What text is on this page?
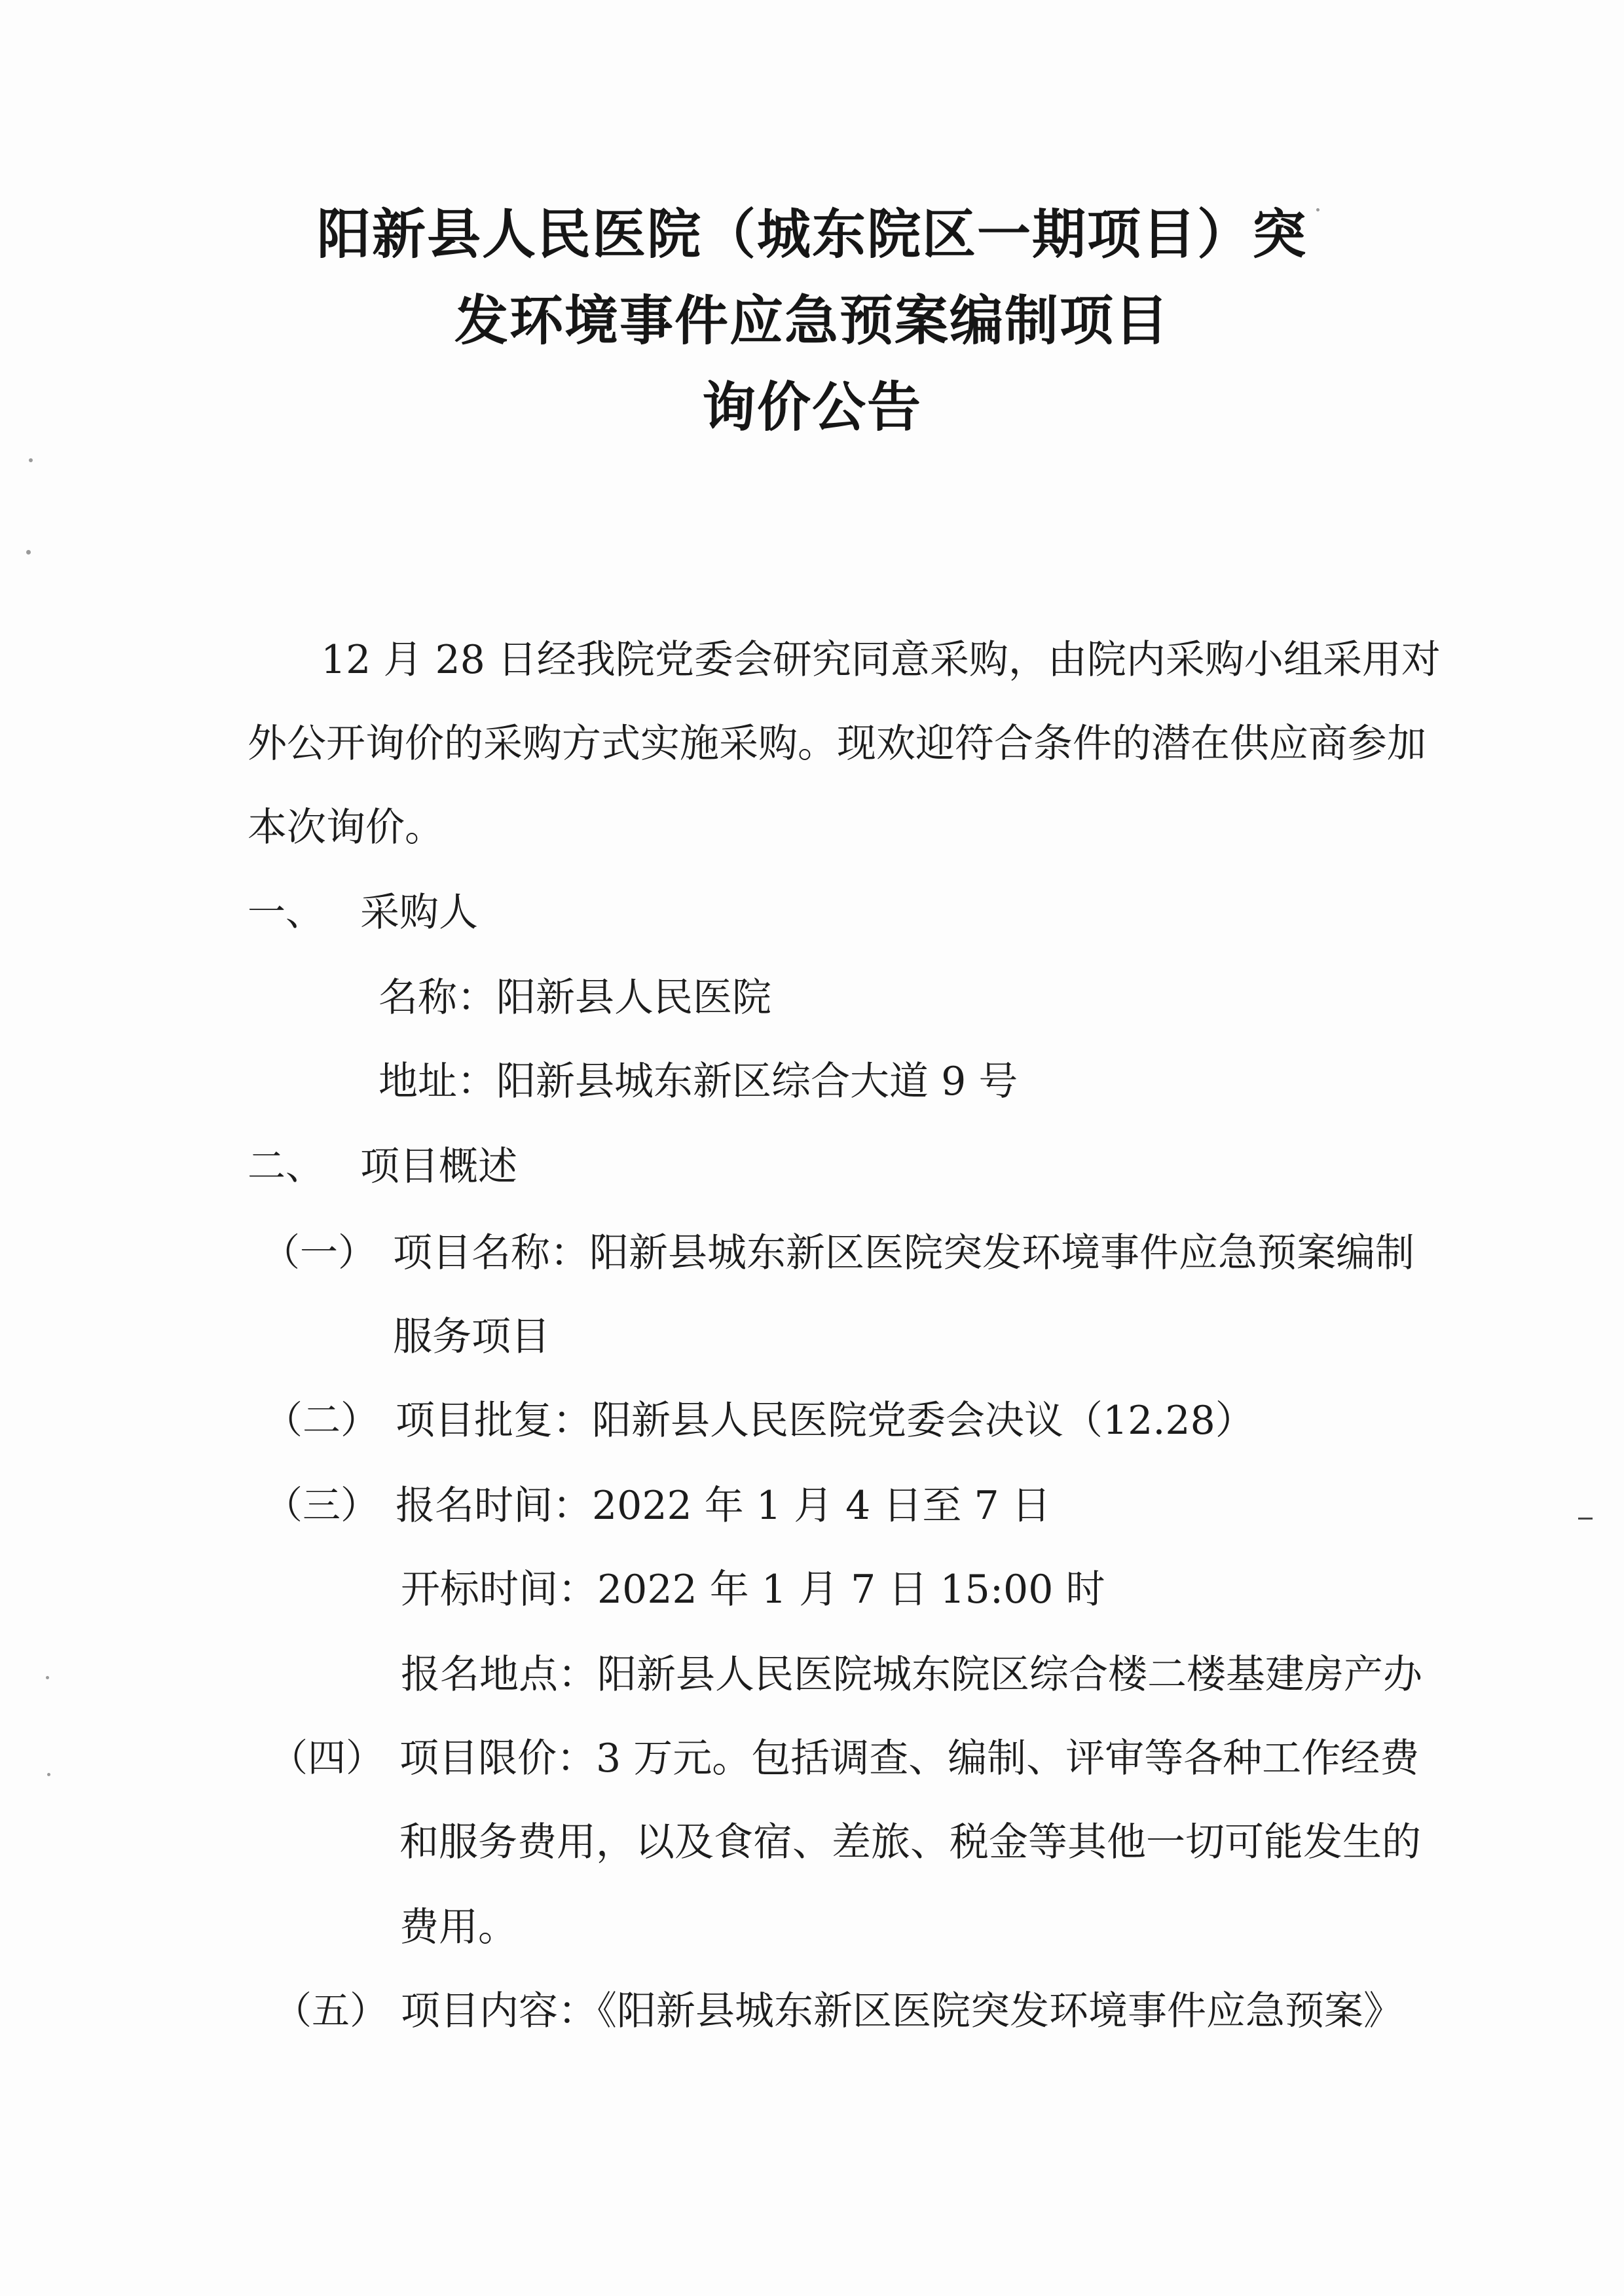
阳新县人民医院（城东院区一期项目）突
发环境事件应急预案编制项目
询价公告
12 月 28 日经我院党委会研究同意采购，由院内采购小组采用对
外公开询价的采购方式实施采购。现欢迎符合条件的潜在供应商参加
本次询价。
一、 采购人
名称：阳新县人民医院
地址：阳新县城东新区综合大道 9 号
二、 项目概述
（一） 项目名称：阳新县城东新区医院突发环境事件应急预案编制
服务项目
（二） 项目批复：阳新县人民医院党委会决议（12.28）
（三） 报名时间：2022 年 1 月 4 日至 7 日
开标时间：2022 年 1 月 7 日 15:00 时
报名地点：阳新县人民医院城东院区综合楼二楼基建房产办
（四） 项目限价：3 万元。包括调查、编制、评审等各种工作经费
和服务费用，以及食宿、差旅、税金等其他一切可能发生的
费用。
（五） 项目内容：《阳新县城东新区医院突发环境事件应急预案》
